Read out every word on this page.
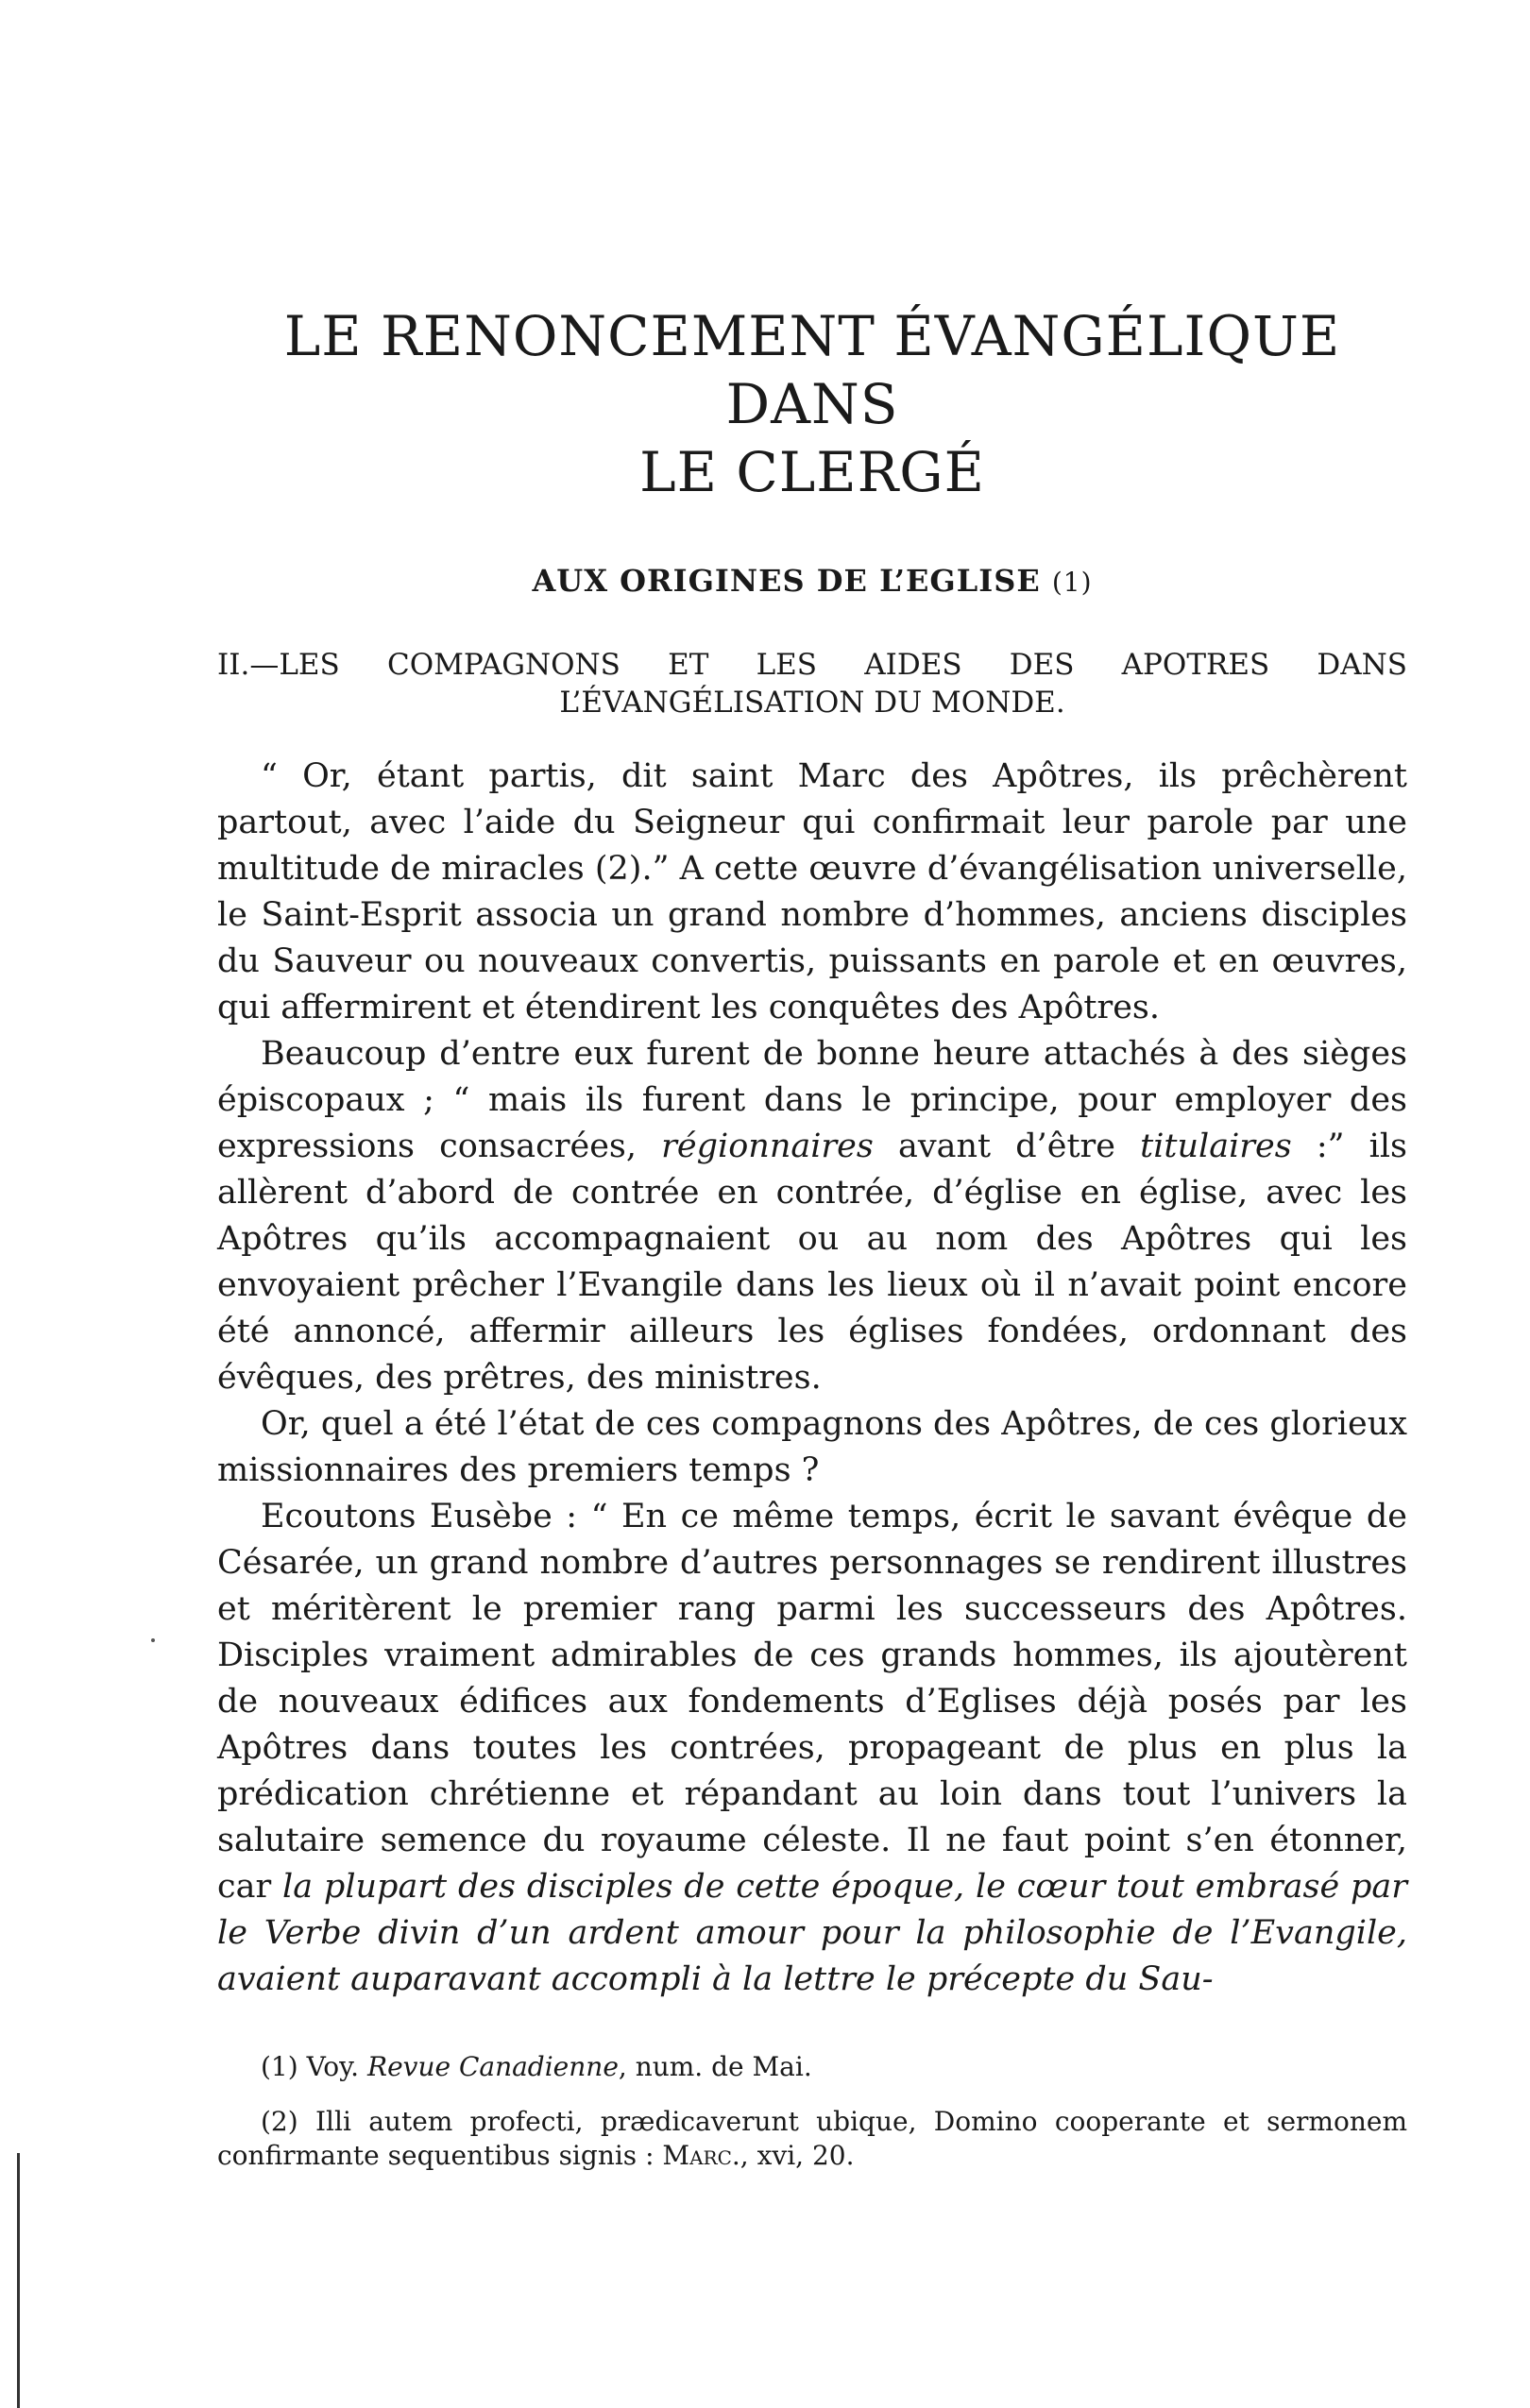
LE RENONCEMENT ÉVANGÉLIQUE DANS
LE CLERGÉ
AUX ORIGINES DE L’EGLISE (1)
II.—LES COMPAGNONS ET LES AIDES DES APOTRES DANS L’ÉVANGÉLISATION DU MONDE.

“ Or, étant partis, dit saint Marc des Apôtres, ils prêchèrent partout, avec l’aide du Seigneur qui confirmait leur parole par une multitude de miracles (2).” A cette œuvre d’évangélisation universelle, le Saint-Esprit associa un grand nombre d’hommes, anciens disciples du Sauveur ou nouveaux convertis, puissants en parole et en œuvres, qui affermirent et étendirent les conquêtes des Apôtres.

Beaucoup d’entre eux furent de bonne heure attachés à des sièges épiscopaux ; “ mais ils furent dans le principe, pour employer des expressions consacrées, régionnaires avant d’être titulaires :” ils allèrent d’abord de contrée en contrée, d’église en église, avec les Apôtres qu’ils accompagnaient ou au nom des Apôtres qui les envoyaient prêcher l’Evangile dans les lieux où il n’avait point encore été annoncé, affermir ailleurs les églises fondées, ordonnant des évêques, des prêtres, des ministres.

Or, quel a été l’état de ces compagnons des Apôtres, de ces glorieux missionnaires des premiers temps ?

Ecoutons Eusèbe : “ En ce même temps, écrit le savant évêque de Césarée, un grand nombre d’autres personnages se rendirent illustres et méritèrent le premier rang parmi les successeurs des Apôtres. Disciples vraiment admirables de ces grands hommes, ils ajoutèrent de nouveaux édifices aux fondements d’Eglises déjà posés par les Apôtres dans toutes les contrées, propageant de plus en plus la prédication chrétienne et répandant au loin dans tout l’univers la salutaire semence du royaume céleste. Il ne faut point s’en étonner, car la plupart des disciples de cette époque, le cœur tout embrasé par le Verbe divin d’un ardent amour pour la philosophie de l’Evangile, avaient auparavant accompli à la lettre le précepte du Sau-

(1) Voy. Revue Canadienne, num. de Mai.

(2) Illi autem profecti, prædicaverunt ubique, Domino cooperante et sermonem confirmante sequentibus signis : Marc., xvi, 20.
